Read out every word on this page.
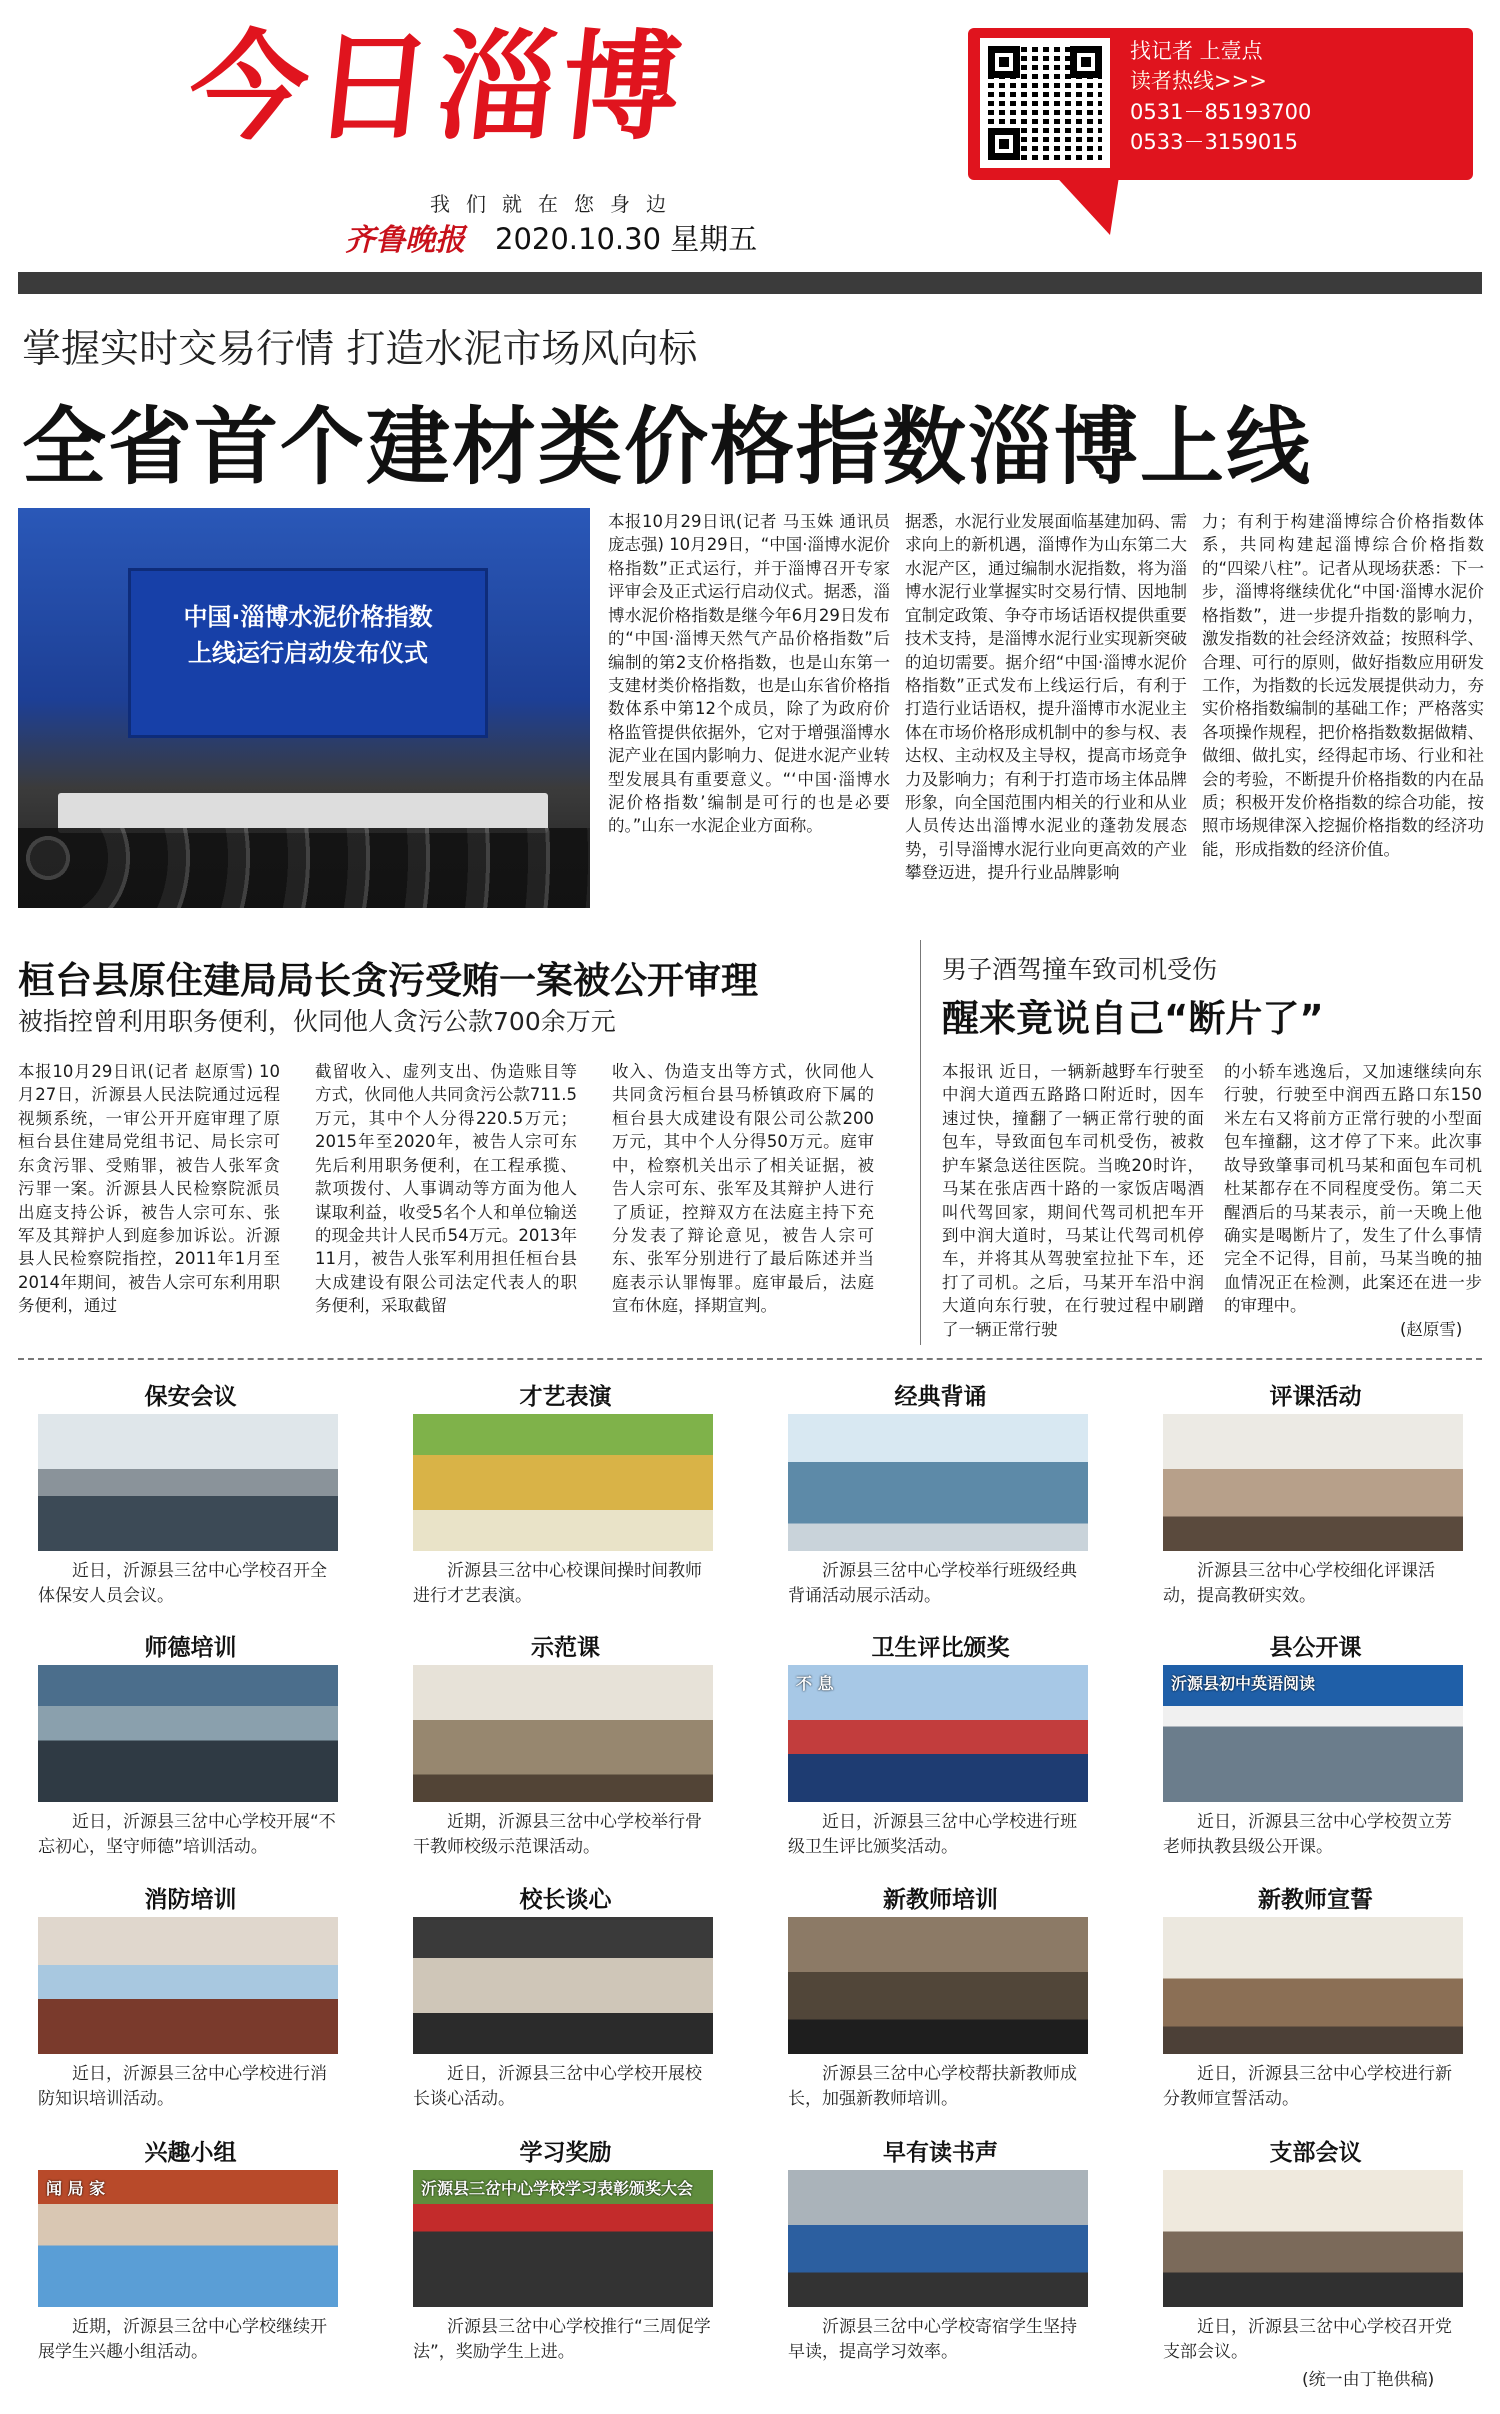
今日淄博
我们就在您身边
齐鲁晚报 2020.10.30 星期五
找记者 上壹点
读者热线>>>
0531－85193700
0533－3159015
掌握实时交易行情 打造水泥市场风向标
全省首个建材类价格指数淄博上线
中国·淄博水泥价格指数
上线运行启动发布仪式
本报10月29日讯(记者 马玉姝 通讯员 庞志强) 10月29日，“中国·淄博水泥价格指数”正式运行，并于淄博召开专家评审会及正式运行启动仪式。据悉，淄博水泥价格指数是继今年6月29日发布的“中国·淄博天然气产品价格指数”后编制的第2支价格指数，也是山东第一支建材类价格指数，也是山东省价格指数体系中第12个成员，除了为政府价格监管提供依据外，它对于增强淄博水泥产业在国内影响力、促进水泥产业转型发展具有重要意义。“‘中国·淄博水泥价格指数’编制是可行的也是必要的。”山东一水泥企业方面称。
据悉，水泥行业发展面临基建加码、需求向上的新机遇，淄博作为山东第二大水泥产区，通过编制水泥指数，将为淄博水泥行业掌握实时交易行情、因地制宜制定政策、争夺市场话语权提供重要技术支持，是淄博水泥行业实现新突破的迫切需要。据介绍“中国·淄博水泥价格指数”正式发布上线运行后，有利于打造行业话语权，提升淄博市水泥业主体在市场价格形成机制中的参与权、表达权、主动权及主导权，提高市场竞争力及影响力；有利于打造市场主体品牌形象，向全国范围内相关的行业和从业人员传达出淄博水泥业的蓬勃发展态势，引导淄博水泥行业向更高效的产业攀登迈进，提升行业品牌影响
力；有利于构建淄博综合价格指数体系，共同构建起淄博综合价格指数的“四梁八柱”。记者从现场获悉：下一步，淄博将继续优化“中国·淄博水泥价格指数”，进一步提升指数的影响力，激发指数的社会经济效益；按照科学、合理、可行的原则，做好指数应用研发工作，为指数的长远发展提供动力，夯实价格指数编制的基础工作；严格落实各项操作规程，把价格指数数据做精、做细、做扎实，经得起市场、行业和社会的考验，不断提升价格指数的内在品质；积极开发价格指数的综合功能，按照市场规律深入挖掘价格指数的经济功能，形成指数的经济价值。
桓台县原住建局局长贪污受贿一案被公开审理
被指控曾利用职务便利，伙同他人贪污公款700余万元
本报10月29日讯(记者 赵原雪) 10月27日，沂源县人民法院通过远程视频系统，一审公开开庭审理了原桓台县住建局党组书记、局长宗可东贪污罪、受贿罪，被告人张军贪污罪一案。沂源县人民检察院派员出庭支持公诉，被告人宗可东、张军及其辩护人到庭参加诉讼。沂源县人民检察院指控，2011年1月至2014年期间，被告人宗可东利用职务便利，通过
截留收入、虚列支出、伪造账目等方式，伙同他人共同贪污公款711.5万元，其中个人分得220.5万元；2015年至2020年，被告人宗可东先后利用职务便利，在工程承揽、款项拨付、人事调动等方面为他人谋取利益，收受5名个人和单位输送的现金共计人民币54万元。2013年11月，被告人张军利用担任桓台县大成建设有限公司法定代表人的职务便利，采取截留
收入、伪造支出等方式，伙同他人共同贪污桓台县马桥镇政府下属的桓台县大成建设有限公司公款200万元，其中个人分得50万元。庭审中，检察机关出示了相关证据，被告人宗可东、张军及其辩护人进行了质证，控辩双方在法庭主持下充分发表了辩论意见，被告人宗可东、张军分别进行了最后陈述并当庭表示认罪悔罪。庭审最后，法庭宣布休庭，择期宣判。
男子酒驾撞车致司机受伤
醒来竟说自己“断片了”
本报讯 近日，一辆新越野车行驶至中润大道西五路路口附近时，因车速过快，撞翻了一辆正常行驶的面包车，导致面包车司机受伤，被救护车紧急送往医院。当晚20时许，马某在张店西十路的一家饭店喝酒叫代驾回家，期间代驾司机把车开到中润大道时，马某让代驾司机停车，并将其从驾驶室拉扯下车，还打了司机。之后，马某开车沿中润大道向东行驶，在行驶过程中刷蹭了一辆正常行驶
的小轿车逃逸后，又加速继续向东行驶，行驶至中润西五路口东150米左右又将前方正常行驶的小型面包车撞翻，这才停了下来。此次事故导致肇事司机马某和面包车司机杜某都存在不同程度受伤。第二天醒酒后的马某表示，前一天晚上他确实是喝断片了，发生了什么事情完全不记得，目前，马某当晚的抽血情况正在检测，此案还在进一步的审理中。
(赵原雪)
保安会议
近日，沂源县三岔中心学校召开全体保安人员会议。
才艺表演
沂源县三岔中心校课间操时间教师进行才艺表演。
经典背诵
沂源县三岔中心学校举行班级经典背诵活动展示活动。
评课活动
沂源县三岔中心学校细化评课活动，提高教研实效。
师德培训
近日，沂源县三岔中心学校开展“不忘初心，坚守师德”培训活动。
示范课
近期，沂源县三岔中心学校举行骨干教师校级示范课活动。
卫生评比颁奖
不 息
近日，沂源县三岔中心学校进行班级卫生评比颁奖活动。
县公开课
沂源县初中英语阅读
近日，沂源县三岔中心学校贺立芳老师执教县级公开课。
消防培训
近日，沂源县三岔中心学校进行消防知识培训活动。
校长谈心
近日，沂源县三岔中心学校开展校长谈心活动。
新教师培训
沂源县三岔中心学校帮扶新教师成长，加强新教师培训。
新教师宣誓
近日，沂源县三岔中心学校进行新分教师宣誓活动。
兴趣小组
闻 局 家
近期，沂源县三岔中心学校继续开展学生兴趣小组活动。
学习奖励
沂源县三岔中心学校学习表彰颁奖大会
沂源县三岔中心学校推行“三周促学法”，奖励学生上进。
早有读书声
沂源县三岔中心学校寄宿学生坚持早读，提高学习效率。
支部会议
近日，沂源县三岔中心学校召开党支部会议。
(统一由丁艳供稿)
